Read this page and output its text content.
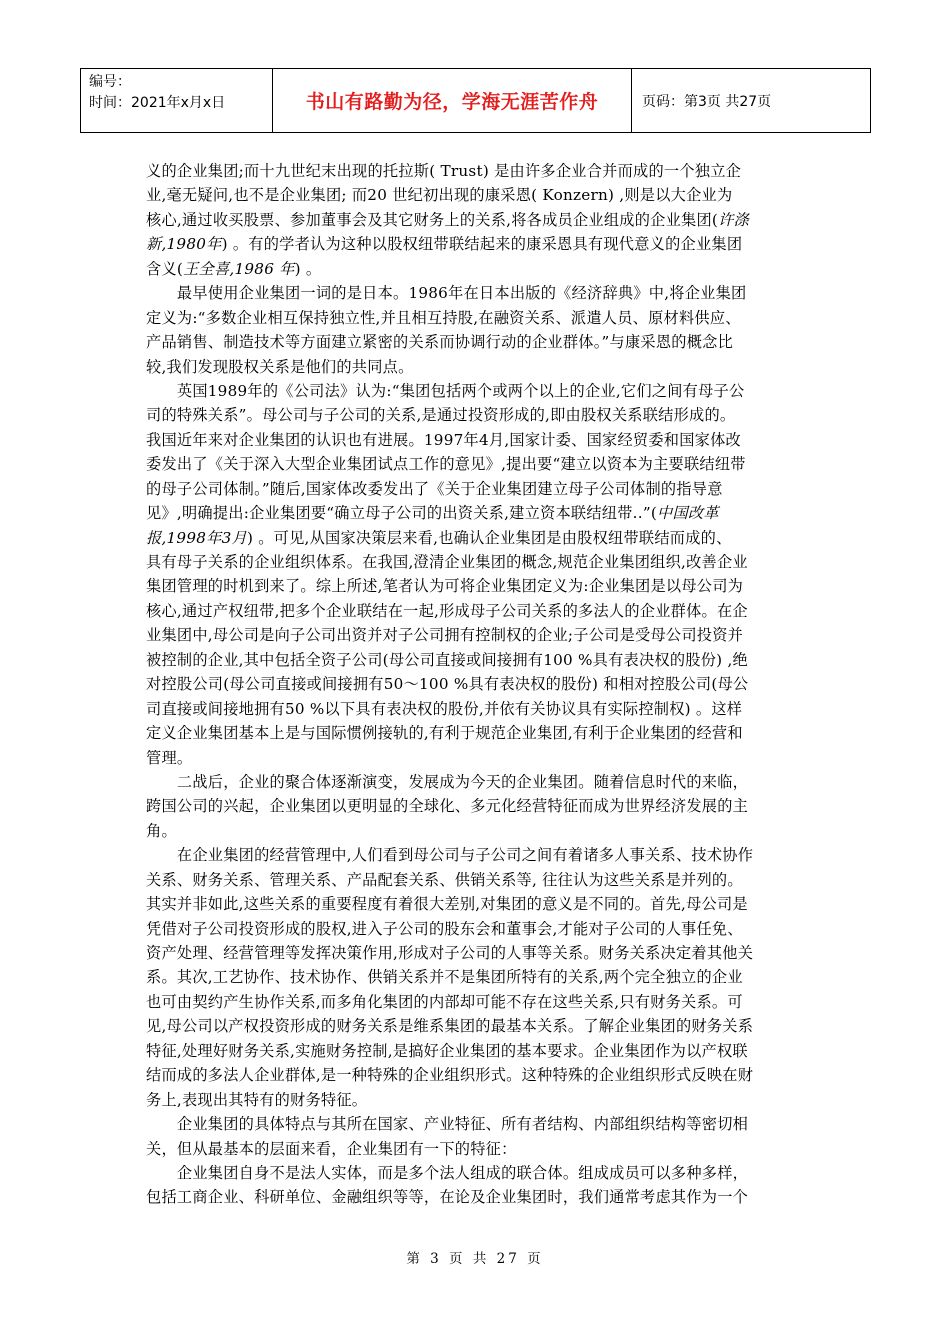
编号：
时间：2021年x月x日	书山有路勤为径，学海无涯苦作舟	页码：第3页 共27页
义的企业集团;而十九世纪末出现的托拉斯( Trust) 是由许多企业合并而成的一个独立企
业,毫无疑问,也不是企业集团; 而20 世纪初出现的康采恩( Konzern) ,则是以大企业为
核心,通过收买股票、参加董事会及其它财务上的关系,将各成员企业组成的企业集团(许涤
新,1980年) 。有的学者认为这种以股权纽带联结起来的康采恩具有现代意义的企业集团
含义(王全喜,1986 年) 。
　　最早使用企业集团一词的是日本。1986年在日本出版的《经济辞典》中,将企业集团
定义为:“多数企业相互保持独立性,并且相互持股,在融资关系、派遣人员、原材料供应、
产品销售、制造技术等方面建立紧密的关系而协调行动的企业群体。”与康采恩的概念比
较,我们发现股权关系是他们的共同点。
　　英国1989年的《公司法》认为:“集团包括两个或两个以上的企业,它们之间有母子公
司的特殊关系”。母公司与子公司的关系,是通过投资形成的,即由股权关系联结形成的。
我国近年来对企业集团的认识也有进展。1997年4月,国家计委、国家经贸委和国家体改
委发出了《关于深入大型企业集团试点工作的意见》,提出要“建立以资本为主要联结纽带
的母子公司体制。”随后,国家体改委发出了《关于企业集团建立母子公司体制的指导意
见》,明确提出:企业集团要“确立母子公司的出资关系,建立资本联结纽带..”(中国改革
报,1998年3月) 。可见,从国家决策层来看,也确认企业集团是由股权纽带联结而成的、
具有母子关系的企业组织体系。在我国,澄清企业集团的概念,规范企业集团组织,改善企业
集团管理的时机到来了。综上所述,笔者认为可将企业集团定义为:企业集团是以母公司为
核心,通过产权纽带,把多个企业联结在一起,形成母子公司关系的多法人的企业群体。在企
业集团中,母公司是向子公司出资并对子公司拥有控制权的企业;子公司是受母公司投资并
被控制的企业,其中包括全资子公司(母公司直接或间接拥有100 %具有表决权的股份) ,绝
对控股公司(母公司直接或间接拥有50～100 %具有表决权的股份) 和相对控股公司(母公
司直接或间接地拥有50 %以下具有表决权的股份,并依有关协议具有实际控制权) 。这样
定义企业集团基本上是与国际惯例接轨的,有利于规范企业集团,有利于企业集团的经营和
管理。
　　二战后，企业的聚合体逐渐演变，发展成为今天的企业集团。随着信息时代的来临，
跨国公司的兴起，企业集团以更明显的全球化、多元化经营特征而成为世界经济发展的主
角。
　　在企业集团的经营管理中,人们看到母公司与子公司之间有着诸多人事关系、技术协作
关系、财务关系、管理关系、产品配套关系、供销关系等, 往往认为这些关系是并列的。
其实并非如此,这些关系的重要程度有着很大差别,对集团的意义是不同的。首先,母公司是
凭借对子公司投资形成的股权,进入子公司的股东会和董事会,才能对子公司的人事任免、
资产处理、经营管理等发挥决策作用,形成对子公司的人事等关系。财务关系决定着其他关
系。其次,工艺协作、技术协作、供销关系并不是集团所特有的关系,两个完全独立的企业
也可由契约产生协作关系,而多角化集团的内部却可能不存在这些关系,只有财务关系。可
见,母公司以产权投资形成的财务关系是维系集团的最基本关系。了解企业集团的财务关系
特征,处理好财务关系,实施财务控制,是搞好企业集团的基本要求。企业集团作为以产权联
结而成的多法人企业群体,是一种特殊的企业组织形式。这种特殊的企业组织形式反映在财
务上,表现出其特有的财务特征。
　　企业集团的具体特点与其所在国家、产业特征、所有者结构、内部组织结构等密切相
关，但从最基本的层面来看，企业集团有一下的特征：
　　企业集团自身不是法人实体，而是多个法人组成的联合体。组成成员可以多种多样，
包括工商企业、科研单位、金融组织等等，在论及企业集团时，我们通常考虑其作为一个
第 3 页 共 27 页
